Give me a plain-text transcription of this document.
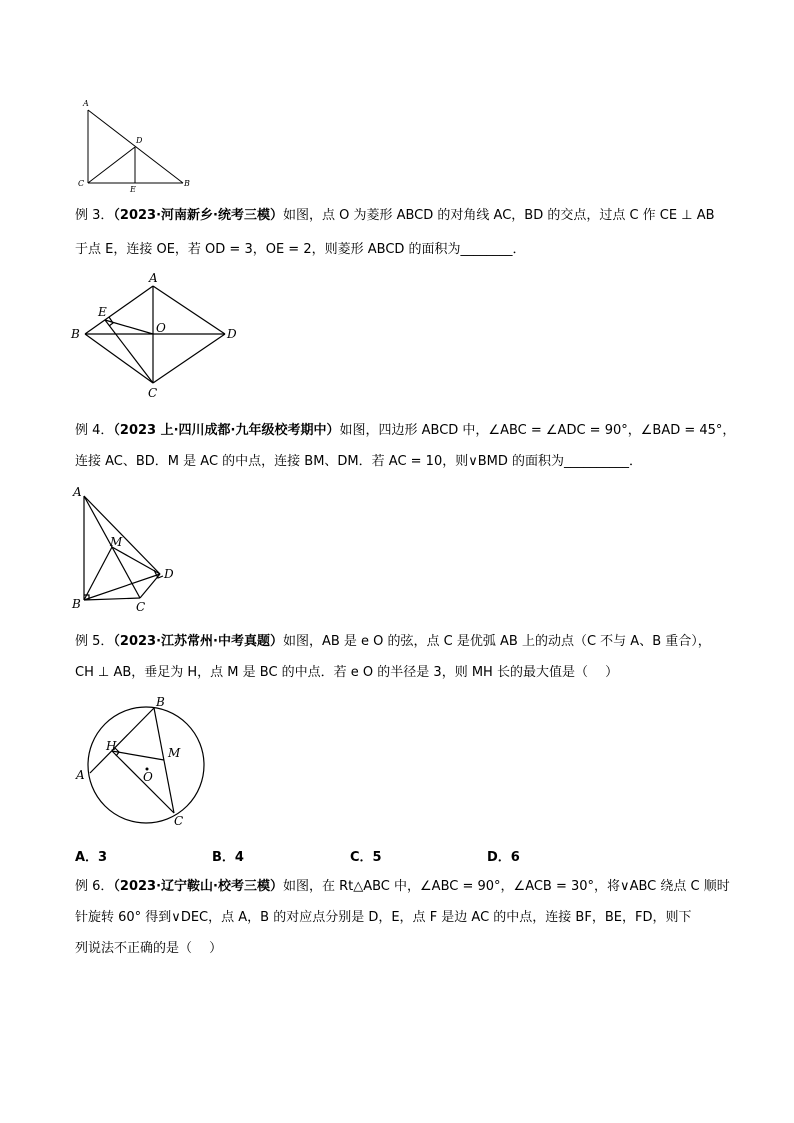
A
D
C
E
B
例 3．（2023·河南新乡·统考三模）如图，点 O 为菱形 ABCD 的对角线 AC，BD 的交点，过点 C 作 CE ⊥ AB
于点 E，连接 OE，若 OD = 3，OE = 2，则菱形 ABCD 的面积为________．
A
E
B	O	D
C
例 4．（2023 上·四川成都·九年级校考期中）如图，四边形 ABCD 中，∠ABC = ∠ADC = 90°，∠BAD = 45°，
连接 AC、BD．M 是 AC 的中点，连接 BM、DM．若 AC = 10，则∨BMD 的面积为__________．
A
M
D
B	C
例 5．（2023·江苏常州·中考真题）如图，AB 是 e O 的弦，点 C 是优弧 AB 上的动点（C 不与 A、B 重合），
CH ⊥ AB，垂足为 H，点 M 是 BC 的中点．若 e O 的半径是 3，则 MH 长的最大值是（　 ）
B
H	M
O
A
C
A．3	B．4	C．5	D．6
例 6．（2023·辽宁鞍山·校考三模）如图，在 Rt△ABC 中，∠ABC = 90°，∠ACB = 30°，将∨ABC 绕点 C 顺时
针旋转 60° 得到∨DEC，点 A，B 的对应点分别是 D，E，点 F 是边 AC 的中点，连接 BF，BE，FD，则下
列说法不正确的是（　 ）
